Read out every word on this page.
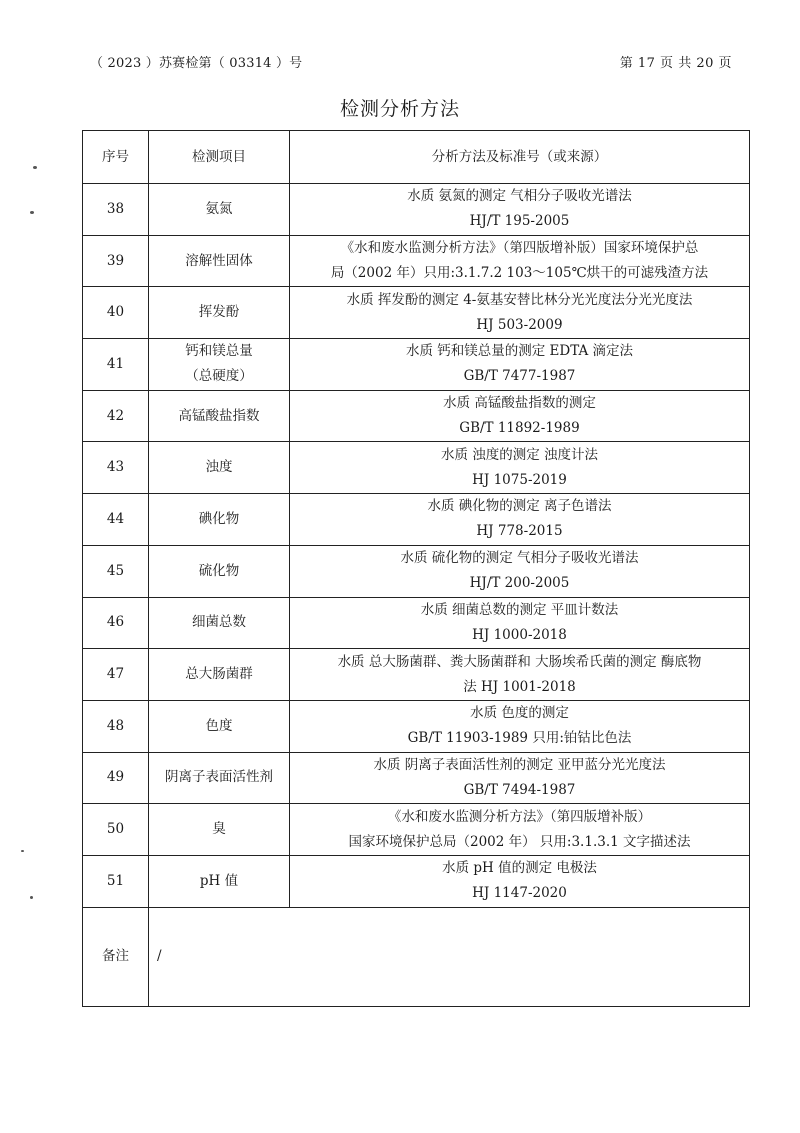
（ 2023 ）苏赛检第（ 03314 ）号	第 17 页 共 20 页
检测分析方法
序号	检测项目	分析方法及标准号（或来源）
38	氨氮	水质 氨氮的测定 气相分子吸收光谱法
HJ/T 195-2005

39	溶解性固体	《水和废水监测分析方法》（第四版增补版）国家环境保护总
局（2002 年）只用:3.1.7.2 103～105℃烘干的可滤残渣方法

40	挥发酚	水质 挥发酚的测定 4-氨基安替比林分光光度法分光光度法
HJ 503-2009

41	钙和镁总量
（总硬度）	水质 钙和镁总量的测定 EDTA 滴定法
GB/T 7477-1987

42	高锰酸盐指数	水质 高锰酸盐指数的测定
GB/T 11892-1989

43	浊度	水质 浊度的测定 浊度计法
HJ 1075-2019

44	碘化物	水质 碘化物的测定 离子色谱法
HJ 778-2015

45	硫化物	水质 硫化物的测定 气相分子吸收光谱法
HJ/T 200-2005

46	细菌总数	水质 细菌总数的测定 平皿计数法
HJ 1000-2018

47	总大肠菌群	水质 总大肠菌群、粪大肠菌群和 大肠埃希氏菌的测定 酶底物
法 HJ 1001-2018

48	色度	水质 色度的测定
GB/T 11903-1989 只用:铂钴比色法

49	阴离子表面活性剂	水质 阴离子表面活性剂的测定 亚甲蓝分光光度法
GB/T 7494-1987

50	臭	《水和废水监测分析方法》（第四版增补版）
国家环境保护总局（2002 年） 只用:3.1.3.1 文字描述法

51	pH 值	水质 pH 值的测定 电极法
HJ 1147-2020

备注	/	
